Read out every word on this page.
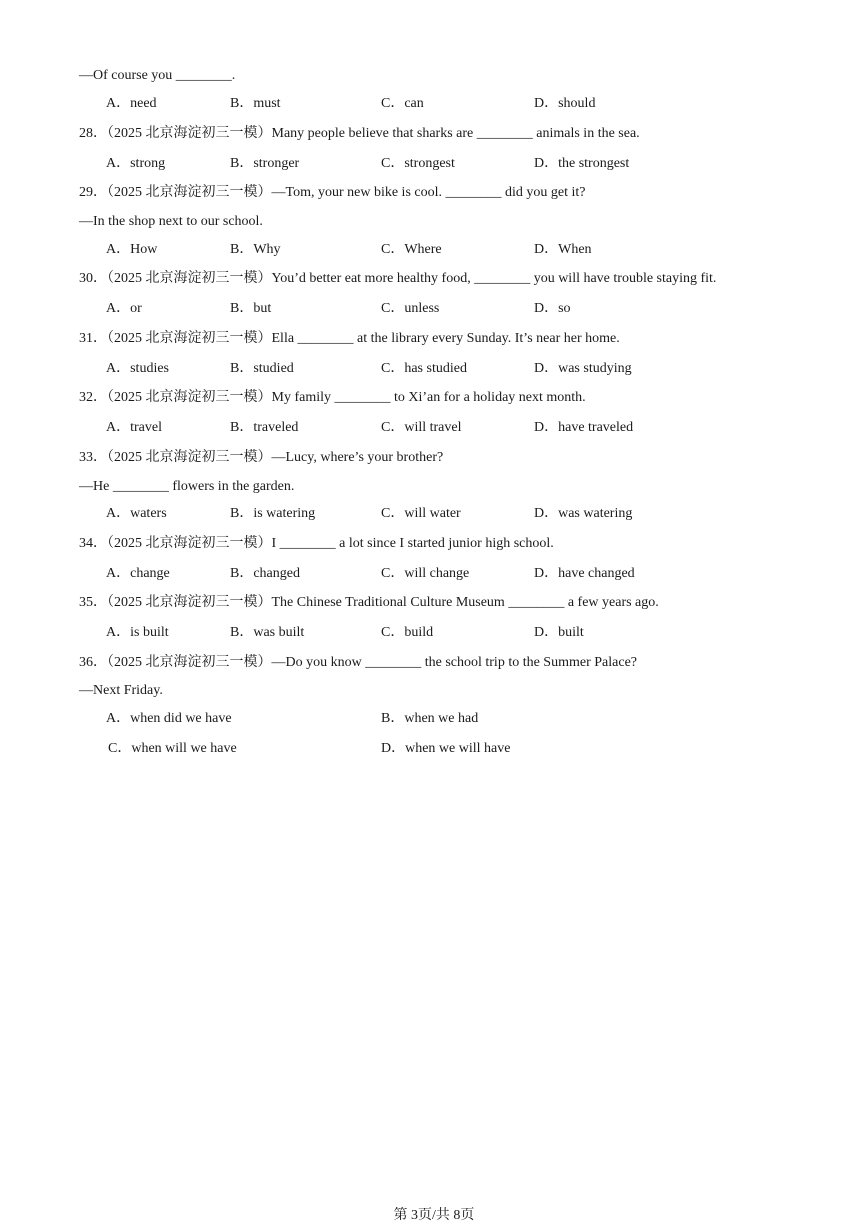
—Of course you ________.
A．need	B．must	C．can	D．should
28．（2025 北京海淀初三一模）Many people believe that sharks are ________ animals in the sea.
A．strong	B．stronger	C．strongest	D．the strongest
29．（2025 北京海淀初三一模）—Tom, your new bike is cool. ________ did you get it?
—In the shop next to our school.
A．How	B．Why	C．Where	D．When
30．（2025 北京海淀初三一模）You’d better eat more healthy food, ________ you will have trouble staying fit.
A．or	B．but	C．unless	D．so
31．（2025 北京海淀初三一模）Ella ________ at the library every Sunday. It’s near her home.
A．studies	B．studied	C．has studied	D．was studying
32．（2025 北京海淀初三一模）My family ________ to Xi’an for a holiday next month.
A．travel	B．traveled	C．will travel	D．have traveled
33．（2025 北京海淀初三一模）—Lucy, where’s your brother?
—He ________ flowers in the garden.
A．waters	B．is watering	C．will water	D．was watering
34．（2025 北京海淀初三一模）I ________ a lot since I started junior high school.
A．change	B．changed	C．will change	D．have changed
35．（2025 北京海淀初三一模）The Chinese Traditional Culture Museum ________ a few years ago.
A．is built	B．was built	C．build	D．built
36．（2025 北京海淀初三一模）—Do you know ________ the school trip to the Summer Palace?
—Next Friday.
A．when did we have	B．when we had
C．when will we have	D．when we will have
第 3页/共 8页
